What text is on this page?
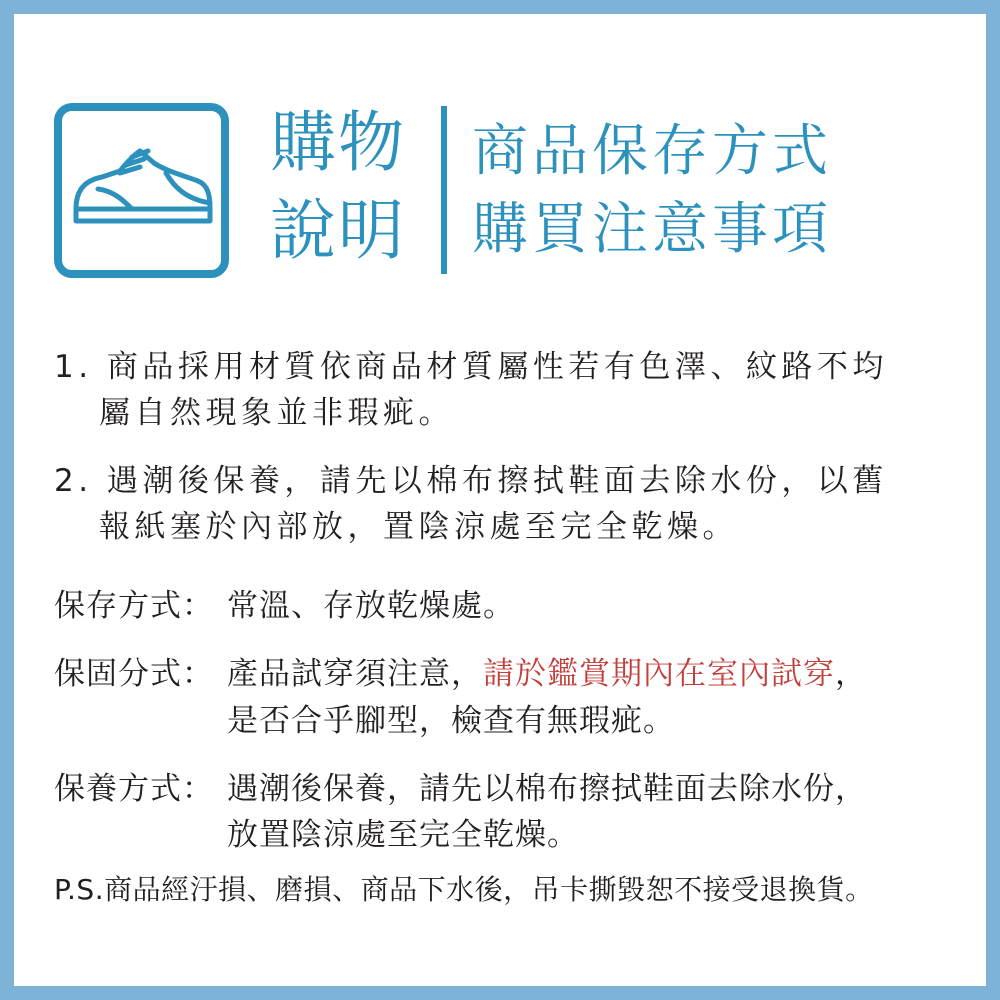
購物
說明
商品保存方式
購買注意事項
1. 商品採用材質依商品材質屬性若有色澤、紋路不均
屬自然現象並非瑕疵。
2. 遇潮後保養，請先以棉布擦拭鞋面去除水份，以舊
報紙塞於內部放，置陰涼處至完全乾燥。
保存方式： 常溫、存放乾燥處。
保固分式： 產品試穿須注意，請於鑑賞期內在室內試穿，
是否合乎腳型，檢查有無瑕疵。
保養方式： 遇潮後保養，請先以棉布擦拭鞋面去除水份，
放置陰涼處至完全乾燥。
P.S.商品經汙損、磨損、商品下水後，吊卡撕毀恕不接受退換貨。
